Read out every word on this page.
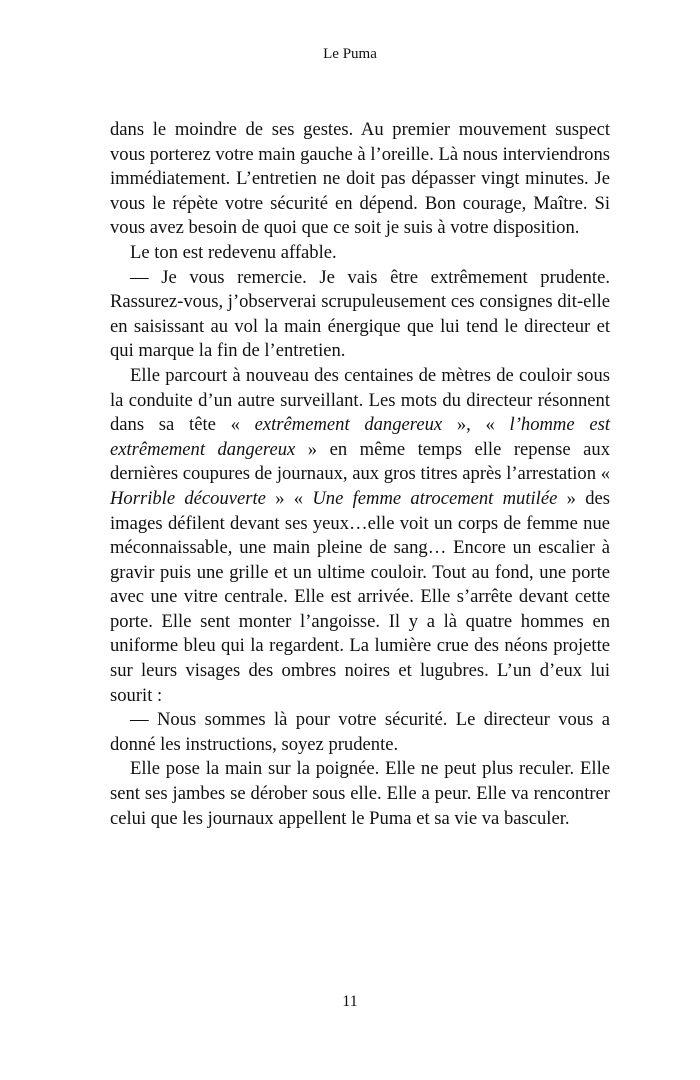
Le Puma

dans le moindre de ses gestes. Au premier mouvement suspect vous porterez votre main gauche à l’oreille. Là nous interviendrons immédiatement. L’entretien ne doit pas dépasser vingt minutes. Je vous le répète votre sécurité en dépend. Bon courage, Maître. Si vous avez besoin de quoi que ce soit je suis à votre disposition.

Le ton est redevenu affable.

— Je vous remercie. Je vais être extrêmement prudente. Rassurez-vous, j’observerai scrupuleusement ces consignes dit-elle en saisissant au vol la main énergique que lui tend le directeur et qui marque la fin de l’entretien.

Elle parcourt à nouveau des centaines de mètres de couloir sous la conduite d’un autre surveillant. Les mots du directeur résonnent dans sa tête « extrêmement dangereux », « l’homme est extrêmement dangereux » en même temps elle repense aux dernières coupures de journaux, aux gros titres après l’arrestation « Horrible découverte » « Une femme atrocement mutilée » des images défilent devant ses yeux…elle voit un corps de femme nue méconnaissable, une main pleine de sang… Encore un escalier à gravir puis une grille et un ultime couloir. Tout au fond, une porte avec une vitre centrale. Elle est arrivée. Elle s’arrête devant cette porte. Elle sent monter l’angoisse. Il y a là quatre hommes en uniforme bleu qui la regardent. La lumière crue des néons projette sur leurs visages des ombres noires et lugubres. L’un d’eux lui sourit :

— Nous sommes là pour votre sécurité. Le directeur vous a donné les instructions, soyez prudente.

Elle pose la main sur la poignée. Elle ne peut plus reculer. Elle sent ses jambes se dérober sous elle. Elle a peur. Elle va rencontrer celui que les journaux appellent le Puma et sa vie va basculer.

11
